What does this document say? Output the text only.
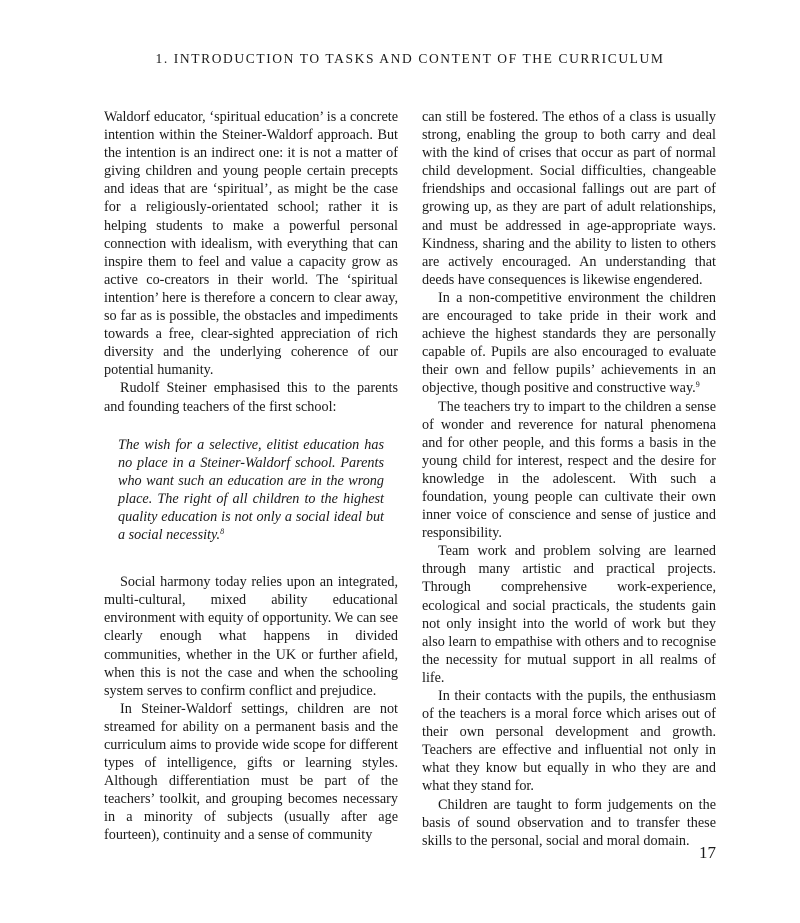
1. INTRODUCTION TO TASKS AND CONTENT OF THE CURRICULUM

Waldorf educator, ‘spiritual education’ is a concrete intention within the Steiner-Waldorf approach. But the intention is an indirect one: it is not a matter of giving children and young people certain precepts and ideas that are ‘spiritual’, as might be the case for a religiously-orientated school; rather it is helping students to make a powerful personal connection with idealism, with everything that can inspire them to feel and value a capacity grow as active co-creators in their world. The ‘spiritual intention’ here is therefore a concern to clear away, so far as is possible, the obstacles and impediments towards a free, clear-sighted appreciation of rich diversity and the underlying coherence of our potential humanity.

Rudolf Steiner emphasised this to the parents and founding teachers of the first school:

The wish for a selective, elitist education has no place in a Steiner-Waldorf school. Parents who want such an education are in the wrong place. The right of all children to the highest quality education is not only a social ideal but a social necessity.$^8$

Social harmony today relies upon an integrated, multi-cultural, mixed ability educational environment with equity of opportunity. We can see clearly enough what happens in divided communities, whether in the UK or further afield, when this is not the case and when the schooling system serves to confirm conflict and prejudice.

In Steiner-Waldorf settings, children are not streamed for ability on a permanent basis and the curriculum aims to provide wide scope for different types of intelligence, gifts or learning styles. Although differentiation must be part of the teachers’ toolkit, and grouping becomes necessary in a minority of subjects (usually after age fourteen), continuity and a sense of community

can still be fostered. The ethos of a class is usually strong, enabling the group to both carry and deal with the kind of crises that occur as part of normal child development. Social difficulties, changeable friendships and occasional fallings out are part of growing up, as they are part of adult relationships, and must be addressed in age-appropriate ways. Kindness, sharing and the ability to listen to others are actively encouraged. An understanding that deeds have consequences is likewise engendered.

In a non-competitive environment the children are encouraged to take pride in their work and achieve the highest standards they are personally capable of. Pupils are also encouraged to evaluate their own and fellow pupils’ achievements in an objective, though positive and constructive way.$^9$

The teachers try to impart to the children a sense of wonder and reverence for natural phenomena and for other people, and this forms a basis in the young child for interest, respect and the desire for knowledge in the adolescent. With such a foundation, young people can cultivate their own inner voice of conscience and sense of justice and responsibility.

Team work and problem solving are learned through many artistic and practical projects. Through comprehensive work-experience, ecological and social practicals, the students gain not only insight into the world of work but they also learn to empathise with others and to recognise the necessity for mutual support in all realms of life.

In their contacts with the pupils, the enthusiasm of the teachers is a moral force which arises out of their own personal development and growth. Teachers are effective and influential not only in what they know but equally in who they are and what they stand for.

Children are taught to form judgements on the basis of sound observation and to transfer these skills to the personal, social and moral domain.

17
